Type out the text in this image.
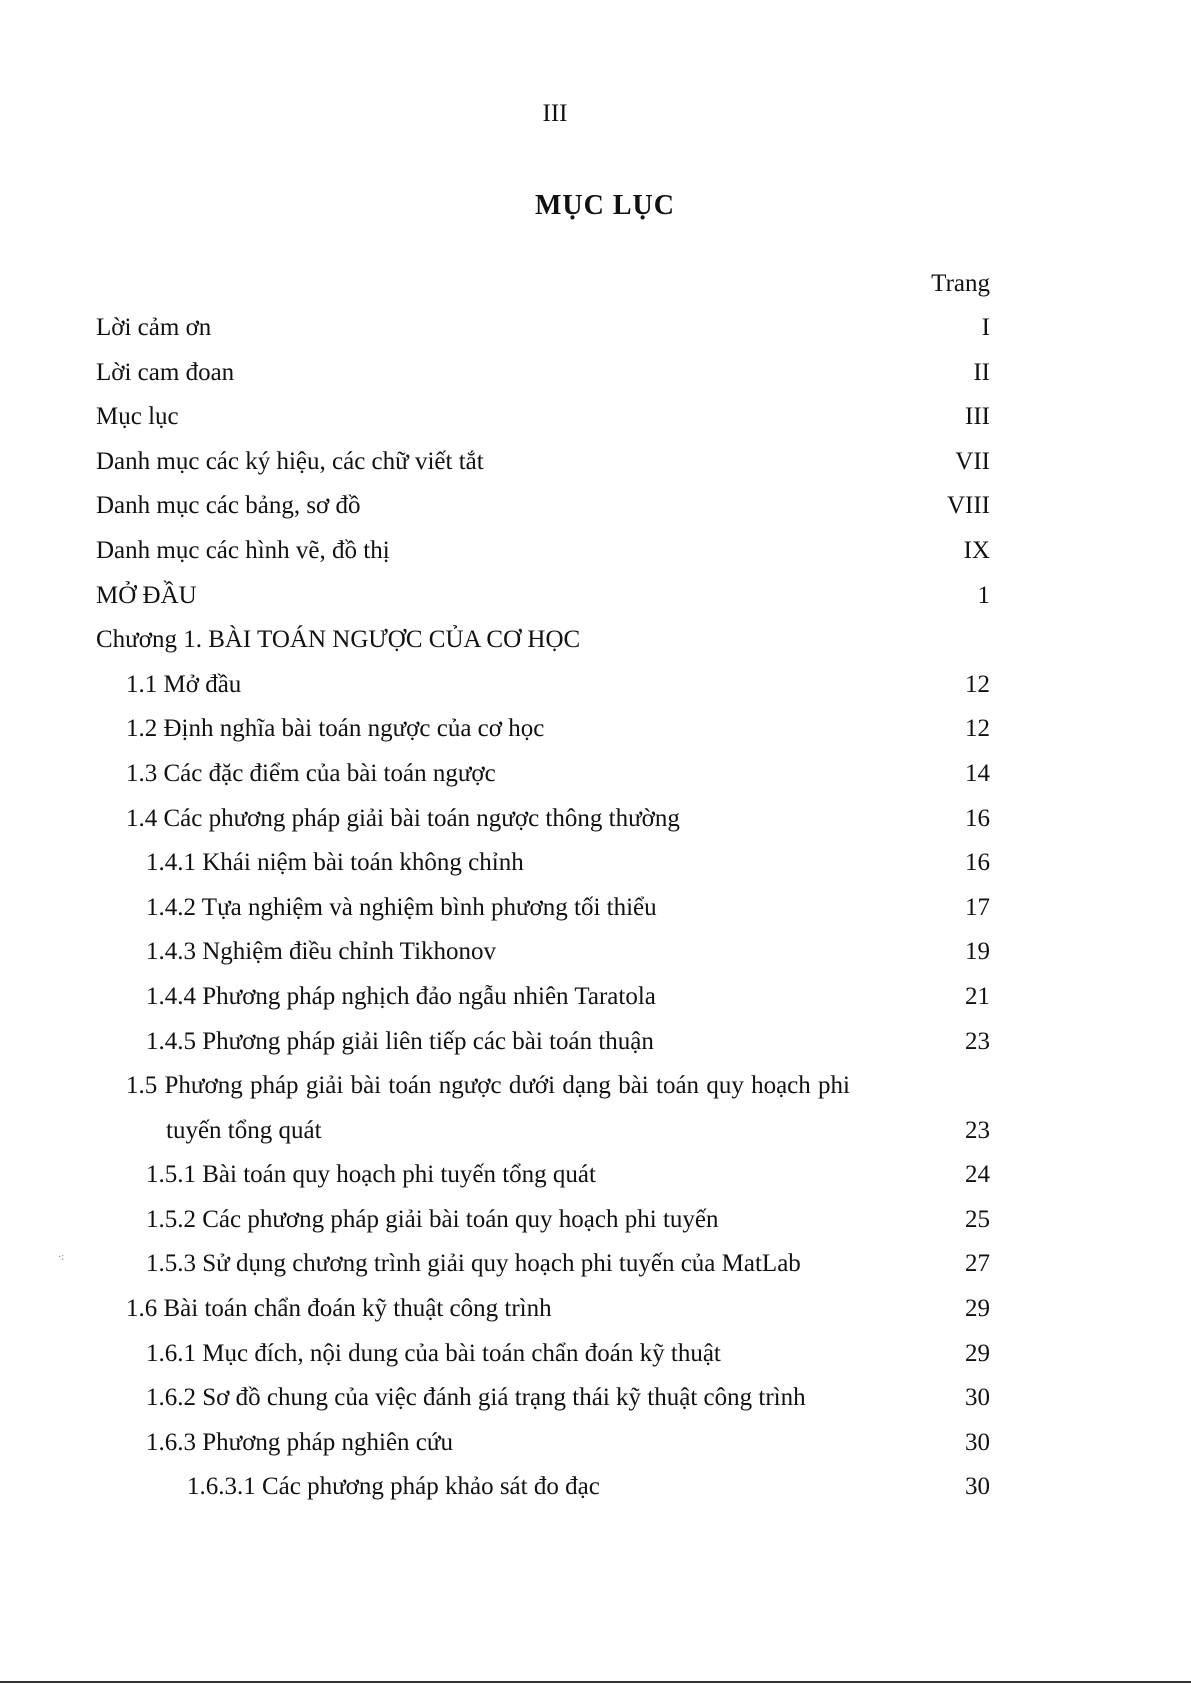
III
MỤC LỤC
Trang
Lời cảm ơn	I
Lời cam đoan	II
Mục lục	III
Danh mục các ký hiệu, các chữ viết tắt	VII
Danh mục các bảng, sơ đồ	VIII
Danh mục các hình vẽ, đồ thị	IX
MỞ ĐẦU	1
Chương 1. BÀI TOÁN NGƯỢC CỦA CƠ HỌC
1.1 Mở đầu	12
1.2 Định nghĩa bài toán ngược của cơ học	12
1.3 Các đặc điểm của bài toán ngược	14
1.4 Các phương pháp giải bài toán ngược thông thường	16
1.4.1 Khái niệm bài toán không chỉnh	16
1.4.2 Tựa nghiệm và nghiệm bình phương tối thiểu	17
1.4.3 Nghiệm điều chỉnh Tikhonov	19
1.4.4 Phương pháp nghịch đảo ngẫu nhiên Taratola	21
1.4.5 Phương pháp giải liên tiếp các bài toán thuận	23
1.5 Phương pháp giải bài toán ngược dưới dạng bài toán quy hoạch phi tuyến tổng quát	23
1.5.1 Bài toán quy hoạch phi tuyến tổng quát	24
1.5.2 Các phương pháp giải bài toán quy hoạch phi tuyến	25
1.5.3 Sử dụng chương trình giải quy hoạch phi tuyến của MatLab	27
1.6 Bài toán chẩn đoán kỹ thuật công trình	29
1.6.1 Mục đích, nội dung của bài toán chẩn đoán kỹ thuật	29
1.6.2 Sơ đồ chung của việc đánh giá trạng thái kỹ thuật công trình	30
1.6.3 Phương pháp nghiên cứu	30
1.6.3.1 Các phương pháp khảo sát đo đạc	30
·:
